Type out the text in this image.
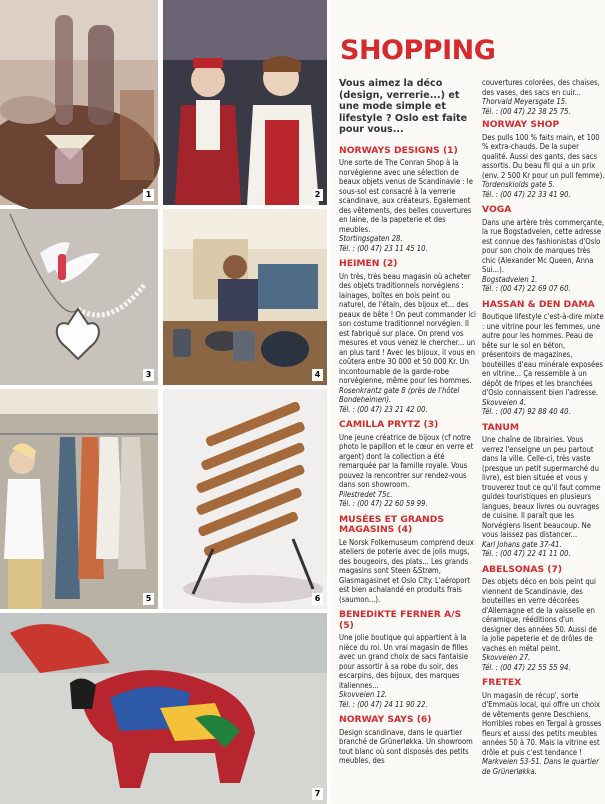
1	2
3	4
5	6
7
SHOPPING

Vous aimez la déco (design, verrerie...) et une mode simple et lifestyle ? Oslo est faite pour vous...

NORWAYS DESIGNS (1)

Une sorte de The Conran Shop à la norvégienne avec une sélection de beaux objets venus de Scandinavie : le sous-sol est consacré à la verrerie scandinave, aux créateurs. Egalement des vêtements, des belles couvertures en laine, de la papeterie et des meubles.

Stortingsgaten 28.

Tél. : (00 47) 23 11 45 10.

HEIMEN (2)

Un très, très beau magasin où acheter des objets traditionnels norvégiens : lainages, boîtes en bois peint ou naturel, de l'étain, des bijoux et... des peaux de bête ! On peut commander ici son costume traditionnel norvégien. Il est fabriqué sur place. On prend vos mesures et vous venez le chercher... un an plus tard ! Avec les bijoux, il vous en coûtera entre 30 000 et 50 000 Kr. Un incontournable de la garde-robe norvégienne, même pour les hommes.

Rosenkrantz gate 8 (près de l'hôtel Bondeheimen).

Tél. : (00 47) 23 21 42 00.

CAMILLA PRYTZ (3)

Une jeune créatrice de bijoux (cf notre photo le papillon et le cœur en verre et argent) dont la collection a été remarquée par la famille royale. Vous pouvez la rencontrer sur rendez-vous dans son showroom.

Pilestredet 75c.

Tél. : (00 47) 22 60 59 99.

MUSÉES ET GRANDS MAGASINS (4)

Le Norsk Folkemuseum comprend deux ateliers de poterie avec de jolis mugs, des bougeoirs, des plats... Les grands magasins sont Steen &Strøm, Glasmagasinet et Oslo City. L'aéroport est bien achalandé en produits frais (saumon...).

BENEDIKTE FERNER A/S (5)

Une jolie boutique qui appartient à la nièce du roi. Un vrai magasin de filles avec un grand choix de sacs fantaisie pour assortir à sa robe du soir, des escarpins, des bijoux, des marques italiennes...

Skovveien 12.

Tél. : (00 47) 24 11 90 22.

NORWAY SAYS (6)

Design scandinave, dans le quartier branché de Grünerløkka. Un showroom tout blanc où sont disposés des petits meubles, des

couvertures colorées, des chaises, des vases, des sacs en cuir...
Thorvald Meyersgate 15.
Tél. : (00 47) 22 38 25 75.

NORWAY SHOP

Des pulls 100 % faits main, et 100 % extra-chauds. De la super qualité. Aussi des gants, des sacs assortis. Du beau fil qui a un prix (env. 2 500 Kr pour un pull femme).

Tordenskiolds gate 5.

Tél. : (00 47) 22 33 41 90.

VOGA

Dans une artère très commerçante, la rue Bogstadveien, cette adresse est connue des fashionistas d'Oslo pour son choix de marques très chic (Alexander Mc Queen, Anna Sui...).

Bogstadveien 1.

Tél. : (00 47) 22 69 07 60.

HASSAN & DEN DAMA

Boutique lifestyle c'est-à-dire mixte : une vitrine pour les femmes, une autre pour les hommes. Peau de bête sur le sol en béton, présentoirs de magazines, bouteilles d'eau minérale exposées en vitrine... Ça ressemble à un dépôt de fripes et les branchées d'Oslo connaissent bien l'adresse.

Skovveien 4.

Tél. : (00 47) 92 88 40 40.

TANUM

Une chaîne de librairies. Vous verrez l'enseigne un peu partout dans la ville. Celle-ci, très vaste (presque un petit supermarché du livre), est bien située et vous y trouverez tout ce qu'il faut comme guides touristiques en plusieurs langues, beaux livres ou ouvrages de cuisine. Il paraît que les Norvégiens lisent beaucoup. Ne vous laissez pas distancer...

Karl Johans gate 37-41.

Tél. : (00 47) 22 41 11 00.

ABELSONAS (7)

Des objets déco en bois peint qui viennent de Scandinavie, des bouteilles en verre décorées d'Allemagne et de la vaisselle en céramique, rééditions d'un designer des années 50. Aussi de la jolie papeterie et de drôles de vaches en métal peint.

Skovveien 27.

Tél. : (00 47) 22 55 55 94.

FRETEX

Un magasin de récup', sorte d'Emmaüs local, qui offre un choix de vêtements genre Deschiens. Horribles robes en Tergal à grosses fleurs et aussi des petits meubles années 50 à 70. Mais la vitrine est drôle et puis c'est tendance !

Markveien 53-51. Dans le quartier de Grünerløkka.
